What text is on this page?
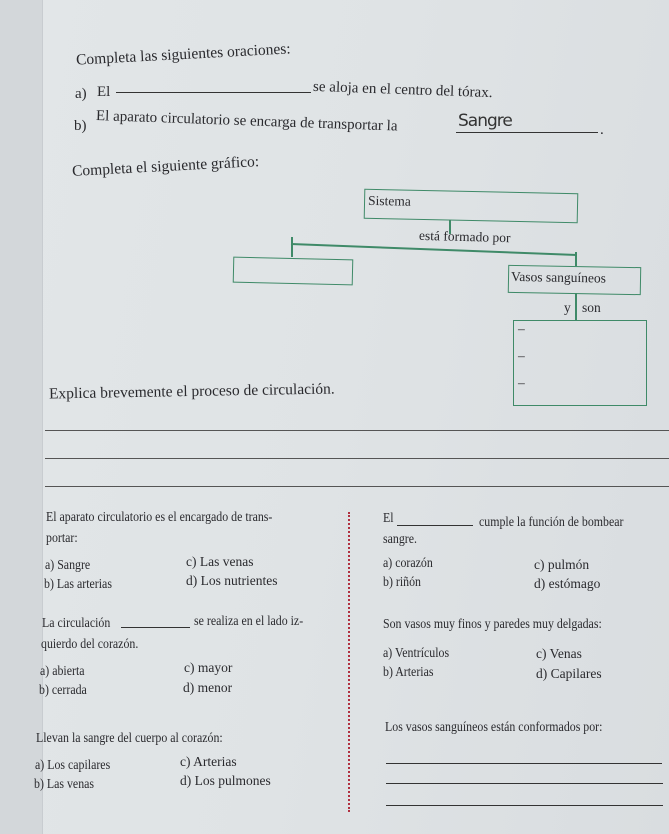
Completa las siguientes oraciones:
a) El	se aloja en el centro del tórax.
b) El aparato circulatorio se encarga de transportar la	Sangre	.
Completa el siguiente gráfico:
Sistema
está formado por
Vasos sanguíneos
y son
–
–
–
Explica brevemente el proceso de circulación.
El aparato circulatorio es el encargado de trans-
portar:
a) Sangre
b) Las arterias
c) Las venas
d) Los nutrientes
La circulación	se realiza en el lado iz-
quierdo del corazón.
a) abierta
b) cerrada
c) mayor
d) menor
Llevan la sangre del cuerpo al corazón:
a) Los capilares
b) Las venas
c) Arterias
d) Los pulmones
El	cumple la función de bombear
sangre.
a) corazón
b) riñón
c) pulmón
d) estómago
Son vasos muy finos y paredes muy delgadas:
a) Ventrículos
b) Arterias
c) Venas
d) Capilares
Los vasos sanguíneos están conformados por:
